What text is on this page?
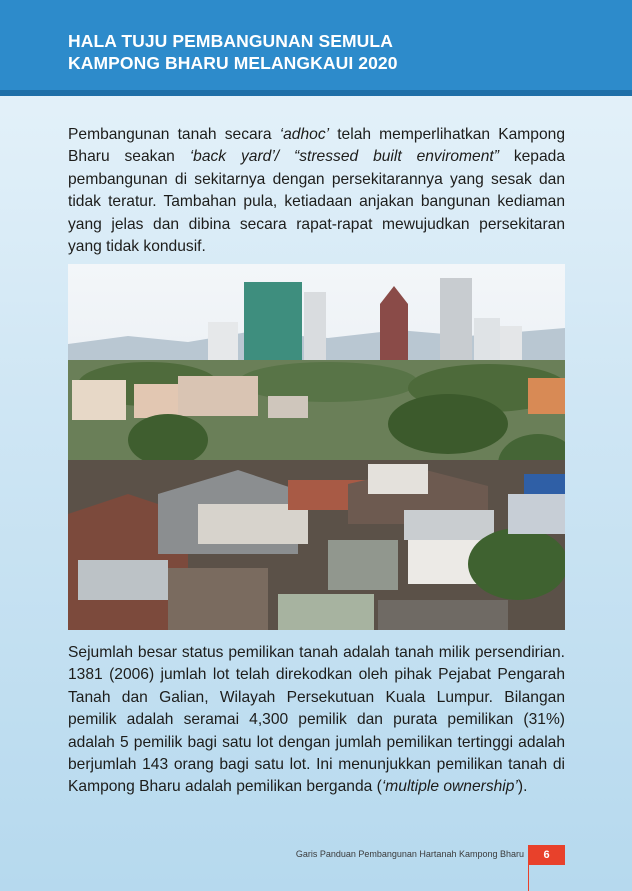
HALA TUJU PEMBANGUNAN SEMULA
KAMPONG BHARU MELANGKAUI 2020

Pembangunan tanah secara ‘adhoc’ telah memperlihatkan Kampong Bharu seakan ‘back yard’/ “stressed built enviroment” kepada pembangunan di sekitarnya dengan persekitarannya yang sesak dan tidak teratur. Tambahan pula, ketiadaan anjakan bangunan kediaman yang jelas dan dibina secara rapat-rapat mewujudkan persekitaran yang tidak kondusif.

Sejumlah besar status pemilikan tanah adalah tanah milik persendirian. 1381 (2006) jumlah lot telah direkodkan oleh pihak Pejabat Pengarah Tanah dan Galian, Wilayah Persekutuan Kuala Lumpur. Bilangan pemilik adalah seramai 4,300 pemilik dan purata pemilikan (31%) adalah 5 pemilik bagi satu lot dengan jumlah pemilikan tertinggi adalah berjumlah 143 orang bagi satu lot. Ini menunjukkan pemilikan tanah di Kampong Bharu adalah pemilikan berganda (‘multiple ownership’).

Garis Panduan Pembangunan Hartanah Kampong Bharu	6
